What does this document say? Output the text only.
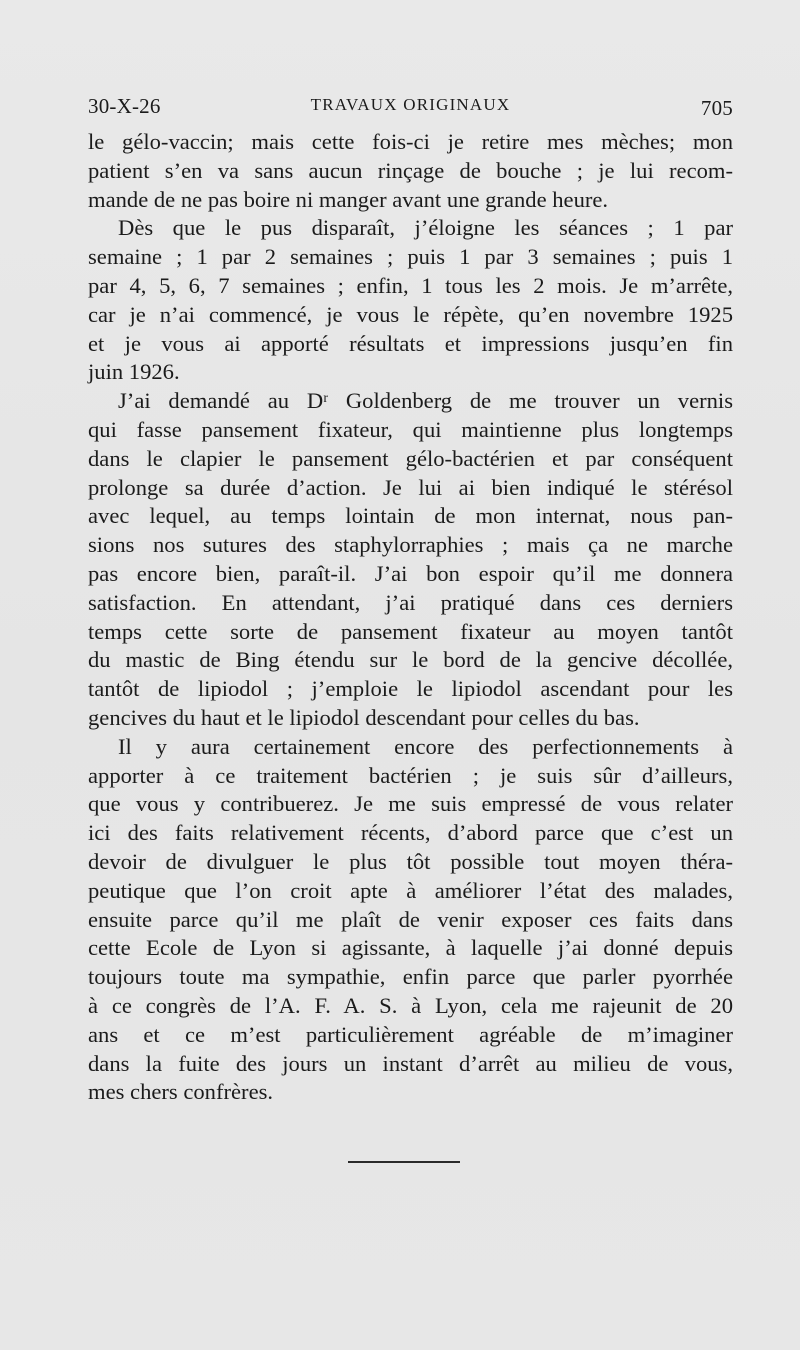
30-X-26	TRAVAUX ORIGINAUX	705

le gélo-vaccin; mais cette fois-ci je retire mes mèches; mon
patient s’en va sans aucun rinçage de bouche ; je lui recom-
mande de ne pas boire ni manger avant une grande heure.

Dès que le pus disparaît, j’éloigne les séances ; 1 par
semaine ; 1 par 2 semaines ; puis 1 par 3 semaines ; puis 1
par 4, 5, 6, 7 semaines ; enfin, 1 tous les 2 mois. Je m’arrête,
car je n’ai commencé, je vous le répète, qu’en novembre 1925
et je vous ai apporté résultats et impressions jusqu’en fin
juin 1926.

J’ai demandé au Dʳ Goldenberg de me trouver un vernis
qui fasse pansement fixateur, qui maintienne plus longtemps
dans le clapier le pansement gélo-bactérien et par conséquent
prolonge sa durée d’action. Je lui ai bien indiqué le stérésol
avec lequel, au temps lointain de mon internat, nous pan-
sions nos sutures des staphylorraphies ; mais ça ne marche
pas encore bien, paraît-il. J’ai bon espoir qu’il me donnera
satisfaction. En attendant, j’ai pratiqué dans ces derniers
temps cette sorte de pansement fixateur au moyen tantôt
du mastic de Bing étendu sur le bord de la gencive décollée,
tantôt de lipiodol ; j’emploie le lipiodol ascendant pour les
gencives du haut et le lipiodol descendant pour celles du bas.

Il y aura certainement encore des perfectionnements à
apporter à ce traitement bactérien ; je suis sûr d’ailleurs,
que vous y contribuerez. Je me suis empressé de vous relater
ici des faits relativement récents, d’abord parce que c’est un
devoir de divulguer le plus tôt possible tout moyen théra-
peutique que l’on croit apte à améliorer l’état des malades,
ensuite parce qu’il me plaît de venir exposer ces faits dans
cette Ecole de Lyon si agissante, à laquelle j’ai donné depuis
toujours toute ma sympathie, enfin parce que parler pyorrhée
à ce congrès de l’A. F. A. S. à Lyon, cela me rajeunit de 20
ans et ce m’est particulièrement agréable de m’imaginer
dans la fuite des jours un instant d’arrêt au milieu de vous,
mes chers confrères.
